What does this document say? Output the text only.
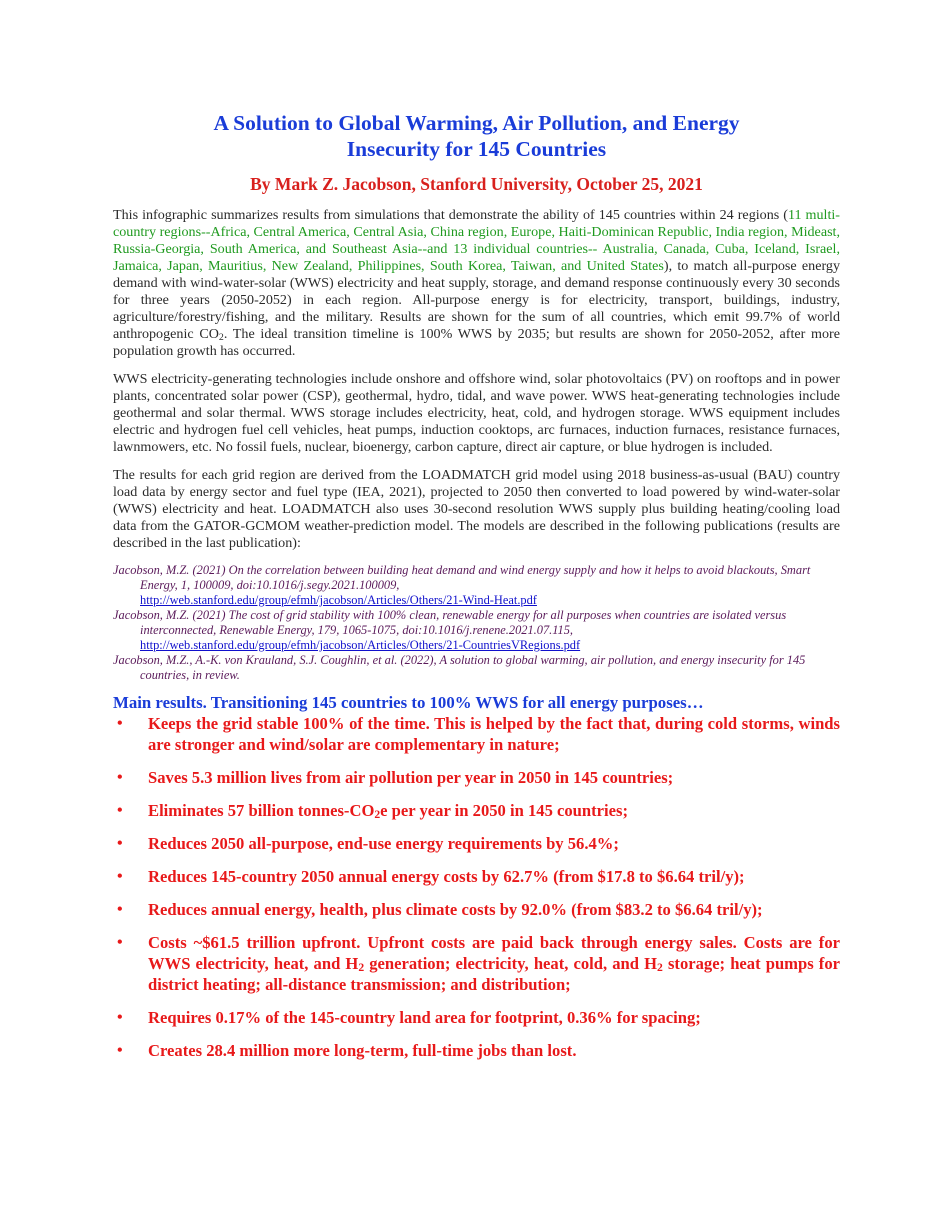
A Solution to Global Warming, Air Pollution, and Energy
Insecurity for 145 Countries
By Mark Z. Jacobson, Stanford University, October 25, 2021

This infographic summarizes results from simulations that demonstrate the ability of 145 countries within 24 regions (11 multi-country regions--Africa, Central America, Central Asia, China region, Europe, Haiti-Dominican Republic, India region, Mideast, Russia-Georgia, South America, and Southeast Asia--and 13 individual countries-- Australia, Canada, Cuba, Iceland, Israel, Jamaica, Japan, Mauritius, New Zealand, Philippines, South Korea, Taiwan, and United States), to match all-purpose energy demand with wind-water-solar (WWS) electricity and heat supply, storage, and demand response continuously every 30 seconds for three years (2050-2052) in each region. All-purpose energy is for electricity, transport, buildings, industry, agriculture/forestry/fishing, and the military. Results are shown for the sum of all countries, which emit 99.7% of world anthropogenic $CO_2$. The ideal transition timeline is 100% WWS by 2035; but results are shown for 2050-2052, after more population growth has occurred.

WWS electricity-generating technologies include onshore and offshore wind, solar photovoltaics (PV) on rooftops and in power plants, concentrated solar power (CSP), geothermal, hydro, tidal, and wave power. WWS heat-generating technologies include geothermal and solar thermal. WWS storage includes electricity, heat, cold, and hydrogen storage. WWS equipment includes electric and hydrogen fuel cell vehicles, heat pumps, induction cooktops, arc furnaces, induction furnaces, resistance furnaces, lawnmowers, etc. No fossil fuels, nuclear, bioenergy, carbon capture, direct air capture, or blue hydrogen is included.

The results for each grid region are derived from the LOADMATCH grid model using 2018 business-as-usual (BAU) country load data by energy sector and fuel type (IEA, 2021), projected to 2050 then converted to load powered by wind-water-solar (WWS) electricity and heat. LOADMATCH also uses 30-second resolution WWS supply plus building heating/cooling load data from the GATOR-GCMOM weather-prediction model. The models are described in the following publications (results are described in the last publication):

Jacobson, M.Z. (2021) On the correlation between building heat demand and wind energy supply and how it helps to avoid blackouts, Smart Energy, 1, 100009, doi:10.1016/j.segy.2021.100009,
http://web.stanford.edu/group/efmh/jacobson/Articles/Others/21-Wind-Heat.pdf
Jacobson, M.Z. (2021) The cost of grid stability with 100% clean, renewable energy for all purposes when countries are isolated versus interconnected, Renewable Energy, 179, 1065-1075, doi:10.1016/j.renene.2021.07.115,
http://web.stanford.edu/group/efmh/jacobson/Articles/Others/21-CountriesVRegions.pdf
Jacobson, M.Z., A.-K. von Krauland, S.J. Coughlin, et al. (2022), A solution to global warming, air pollution, and energy insecurity for 145 countries, in review.
Main results. Transitioning 145 countries to 100% WWS for all energy purposes…
• Keeps the grid stable 100% of the time. This is helped by the fact that, during cold storms, winds are stronger and wind/solar are complementary in nature;
• Saves 5.3 million lives from air pollution per year in 2050 in 145 countries;
• Eliminates 57 billion tonnes-$CO_2e$ per year in 2050 in 145 countries;
• Reduces 2050 all-purpose, end-use energy requirements by 56.4%;
• Reduces 145-country 2050 annual energy costs by 62.7% (from $17.8 to $6.64 tril/y);
• Reduces annual energy, health, plus climate costs by 92.0% (from $83.2 to $6.64 tril/y);
• Costs ~$61.5 trillion upfront. Upfront costs are paid back through energy sales. Costs are for WWS electricity, heat, and $H_2$ generation; electricity, heat, cold, and $H_2$ storage; heat pumps for district heating; all-distance transmission; and distribution;
• Requires 0.17% of the 145-country land area for footprint, 0.36% for spacing;
• Creates 28.4 million more long-term, full-time jobs than lost.
